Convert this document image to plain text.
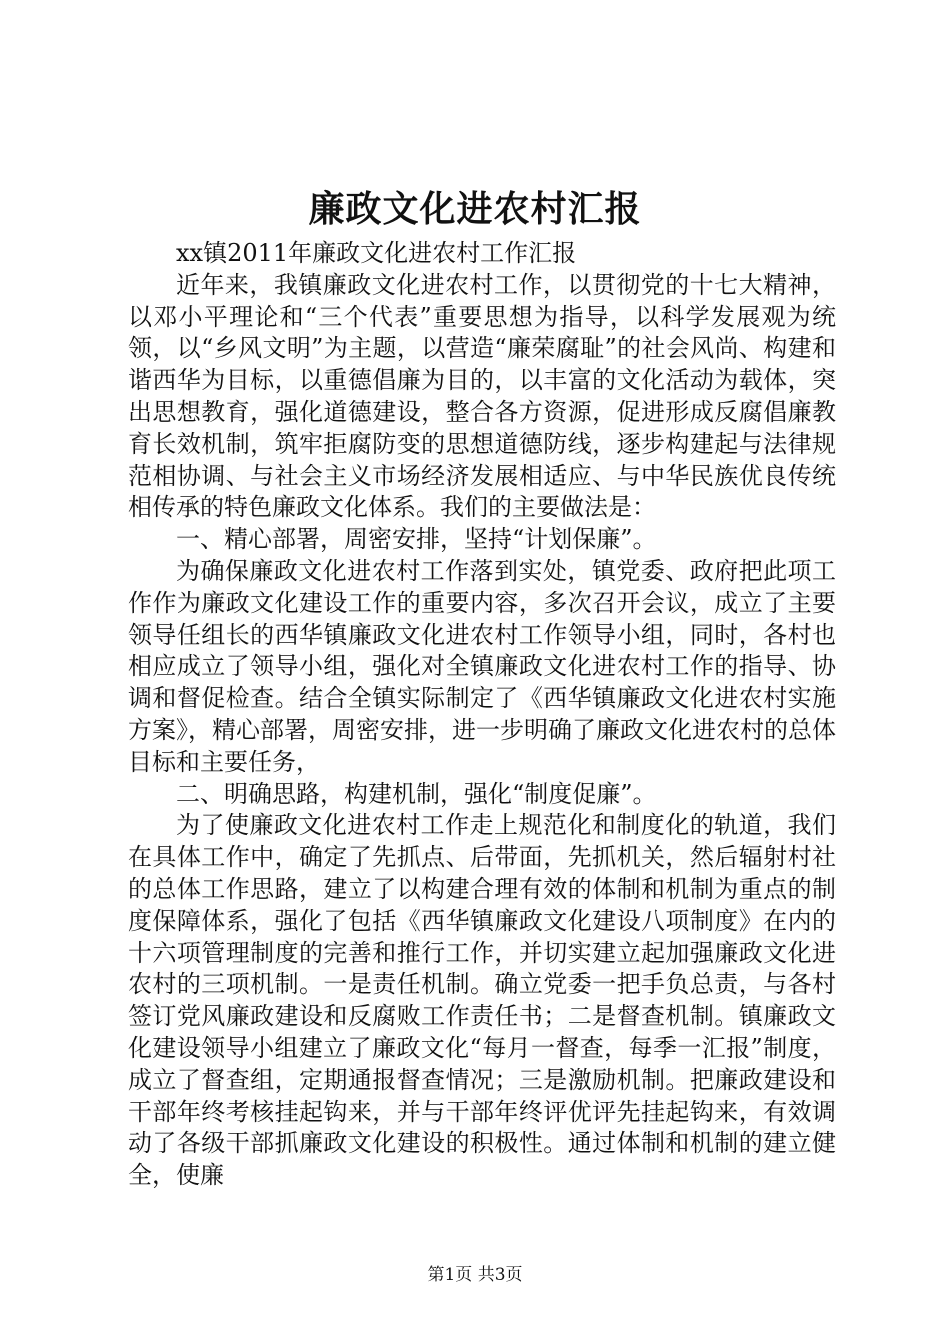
廉政文化进农村汇报

xx镇2011年廉政文化进农村工作汇报

近年来，我镇廉政文化进农村工作，以贯彻党的十七大精神，以邓小平理论和“三个代表”重要思想为指导，以科学发展观为统领，以“乡风文明”为主题，以营造“廉荣腐耻”的社会风尚、构建和谐西华为目标，以重德倡廉为目的，以丰富的文化活动为载体，突出思想教育，强化道德建设，整合各方资源，促进形成反腐倡廉教育长效机制，筑牢拒腐防变的思想道德防线，逐步构建起与法律规范相协调、与社会主义市场经济发展相适应、与中华民族优良传统相传承的特色廉政文化体系。我们的主要做法是：

一、精心部署，周密安排，坚持“计划保廉”。

为确保廉政文化进农村工作落到实处，镇党委、政府把此项工作作为廉政文化建设工作的重要内容，多次召开会议，成立了主要领导任组长的西华镇廉政文化进农村工作领导小组，同时，各村也相应成立了领导小组，强化对全镇廉政文化进农村工作的指导、协调和督促检查。结合全镇实际制定了《西华镇廉政文化进农村实施方案》，精心部署，周密安排，进一步明确了廉政文化进农村的总体目标和主要任务，

二、明确思路，构建机制，强化“制度促廉”。

为了使廉政文化进农村工作走上规范化和制度化的轨道，我们在具体工作中，确定了先抓点、后带面，先抓机关，然后辐射村社的总体工作思路，建立了以构建合理有效的体制和机制为重点的制度保障体系，强化了包括《西华镇廉政文化建设八项制度》在内的十六项管理制度的完善和推行工作，并切实建立起加强廉政文化进农村的三项机制。一是责任机制。确立党委一把手负总责，与各村签订党风廉政建设和反腐败工作责任书；二是督查机制。镇廉政文化建设领导小组建立了廉政文化“每月一督查，每季一汇报”制度，成立了督查组，定期通报督查情况；三是激励机制。把廉政建设和干部年终考核挂起钩来，并与干部年终评优评先挂起钩来，有效调动了各级干部抓廉政文化建设的积极性。通过体制和机制的建立健全，使廉

第1页 共3页
